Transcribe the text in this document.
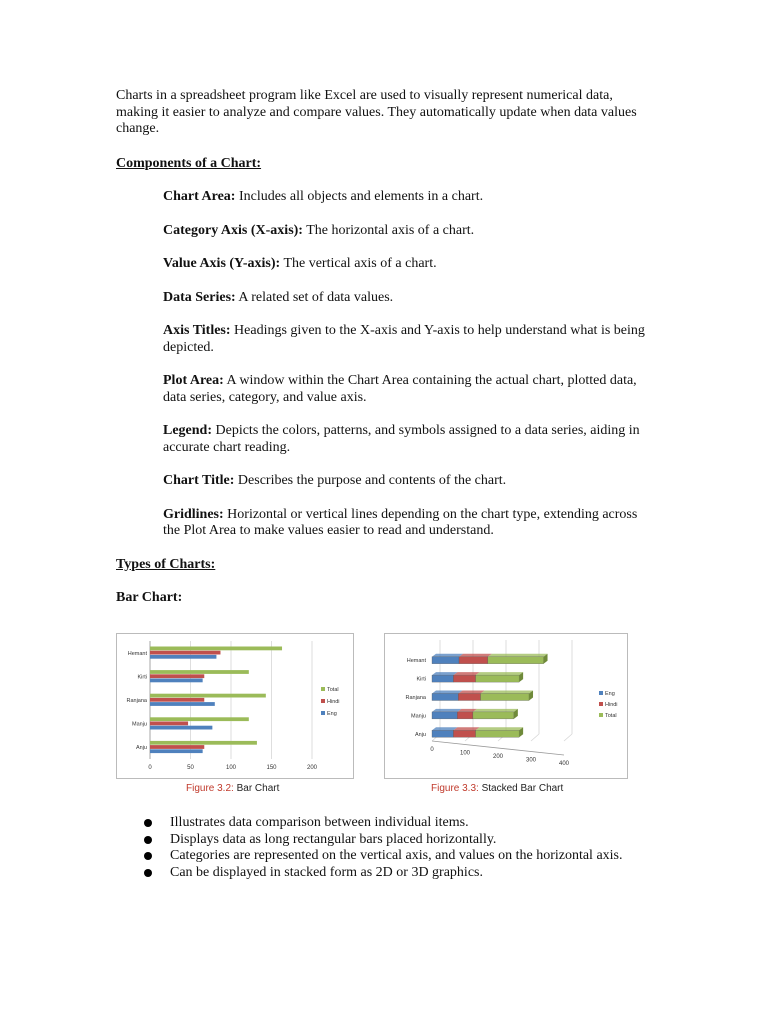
Charts in a spreadsheet program like Excel are used to visually represent numerical data, making it easier to analyze and compare values. They automatically update when data values change.

Components of a Chart:

Chart Area: Includes all objects and elements in a chart.

Category Axis (X-axis): The horizontal axis of a chart.

Value Axis (Y-axis): The vertical axis of a chart.

Data Series: A related set of data values.

Axis Titles: Headings given to the X-axis and Y-axis to help understand what is being depicted.

Plot Area: A window within the Chart Area containing the actual chart, plotted data, data series, category, and value axis.

Legend: Depicts the colors, patterns, and symbols assigned to a data series, aiding in accurate chart reading.

Chart Title: Describes the purpose and contents of the chart.

Gridlines: Horizontal or vertical lines depending on the chart type, extending across the Plot Area to make values easier to read and understand.

Types of Charts:

Bar Chart:

0	50	100	150	200
Hemant
Kirti
Ranjana
Manju
Anju
Total
Hindi
Eng
0
100
200
300
400
Hemant
Kirti
Ranjana
Manju
Anju
Eng
Hindi
Total
Figure 3.2: Bar Chart	Figure 3.3: Stacked Bar Chart
Illustrates data comparison between individual items.
Displays data as long rectangular bars placed horizontally.
Categories are represented on the vertical axis, and values on the horizontal axis.
Can be displayed in stacked form as 2D or 3D graphics.
